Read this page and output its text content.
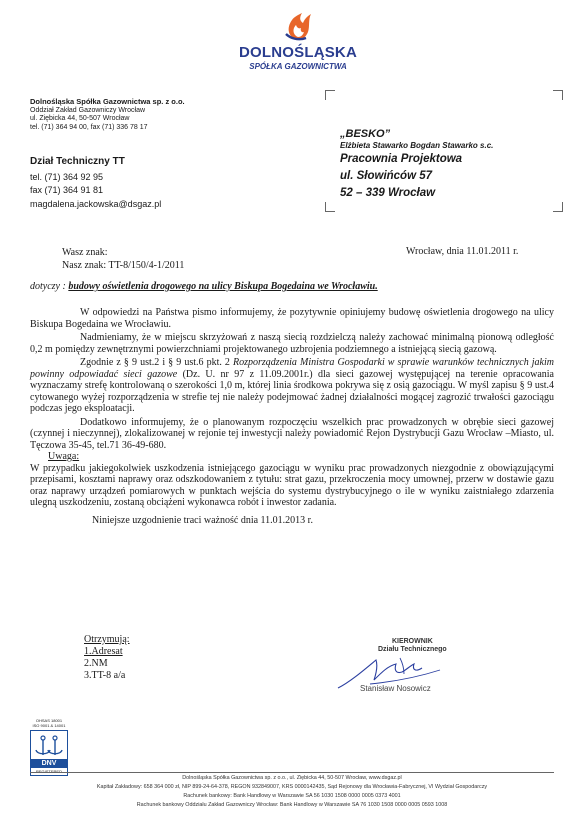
DOLNOŚLĄSKA
SPÓŁKA GAZOWNICTWA
Dolnośląska Spółka Gazownictwa sp. z o.o.
Oddział Zakład Gazowniczy Wrocław
ul. Ziębicka 44, 50-507 Wrocław
tel. (71) 364 94 00, fax (71) 336 78 17
Dział Techniczny TT
tel. (71) 364 92 95
fax (71) 364 91 81
magdalena.jackowska@dsgaz.pl
„BESKO”
Elżbieta Stawarko Bogdan Stawarko s.c.
Pracownia Projektowa
ul. Słowińców 57
52 – 339 Wrocław
Wasz znak:
Nasz znak: TT-8/150/4-1/2011
Wrocław, dnia 11.01.2011 r.
dotyczy : budowy oświetlenia drogowego na ulicy Biskupa Bogedaina we Wrocławiu.

W odpowiedzi na Państwa pismo informujemy, że pozytywnie opiniujemy budowę oświetlenia drogowego na ulicy Biskupa Bogedaina we Wrocławiu.

Nadmieniamy, że w miejscu skrzyżowań z naszą siecią rozdzielczą należy zachować minimalną pionową odległość 0,2 m pomiędzy zewnętrznymi powierzchniami projektowanego uzbrojenia podziemnego a istniejącą siecią gazową.

Zgodnie z § 9 ust.2 i § 9 ust.6 pkt. 2 Rozporządzenia Ministra Gospodarki w sprawie warunków technicznych jakim powinny odpowiadać sieci gazowe (Dz. U. nr 97 z 11.09.2001r.) dla sieci gazowej występującej na terenie opracowania wyznaczamy strefę kontrolowaną o szerokości 1,0 m, której linia środkowa pokrywa się z osią gazociągu. W myśl zapisu § 9 ust.4 cytowanego wyżej rozporządzenia w strefie tej nie należy podejmować żadnej działalności mogącej zagrozić trwałości gazociągu podczas jego eksploatacji.

Dodatkowo informujemy, że o planowanym rozpoczęciu wszelkich prac prowadzonych w obrębie sieci gazowej (czynnej i nieczynnej), zlokalizowanej w rejonie tej inwestycji należy powiadomić Rejon Dystrybucji Gazu Wrocław –Miasto, ul. Tęczowa 35-45, tel.71 36-49-680.

Uwaga:

W przypadku jakiegokolwiek uszkodzenia istniejącego gazociągu w wyniku prac prowadzonych niezgodnie z obowiązującymi przepisami, kosztami naprawy oraz odszkodowaniem z tytułu: strat gazu, przekroczenia mocy umownej, przerw w dostawie gazu oraz naprawy urządzeń pomiarowych w punktach wejścia do systemu dystrybucyjnego o ile w wyniku zaistniałego zdarzenia ulegną uszkodzeniu, zostaną obciążeni wykonawca robót i inwestor zadania.

Niniejsze uzgodnienie traci ważność dnia 11.01.2013 r.

Otrzymują:
1.Adresat
2.NM
3.TT-8 a/a
KIEROWNIK
Działu Technicznego
Stanisław Nosowicz
OHSAS 18001
ISO 9001 & 14001
DNV
REGISTERED
Dolnośląska Spółka Gazownictwa sp. z o.o., ul. Ziębicka 44, 50-507 Wrocław, www.dsgaz.pl
Kapitał Zakładowy: 658 364 000 zł, NIP 899-24-64-378, REGON 932849007, KRS 0000142435, Sąd Rejonowy dla Wrocławia-Fabrycznej, VI Wydział Gospodarczy
Rachunek bankowy: Bank Handlowy w Warszawie SA 56 1030 1508 0000 0005 0373 4001
Rachunek bankowy Oddziału Zakład Gazowniczy Wrocław: Bank Handlowy w Warszawie SA 76 1030 1508 0000 0005 0593 1008
